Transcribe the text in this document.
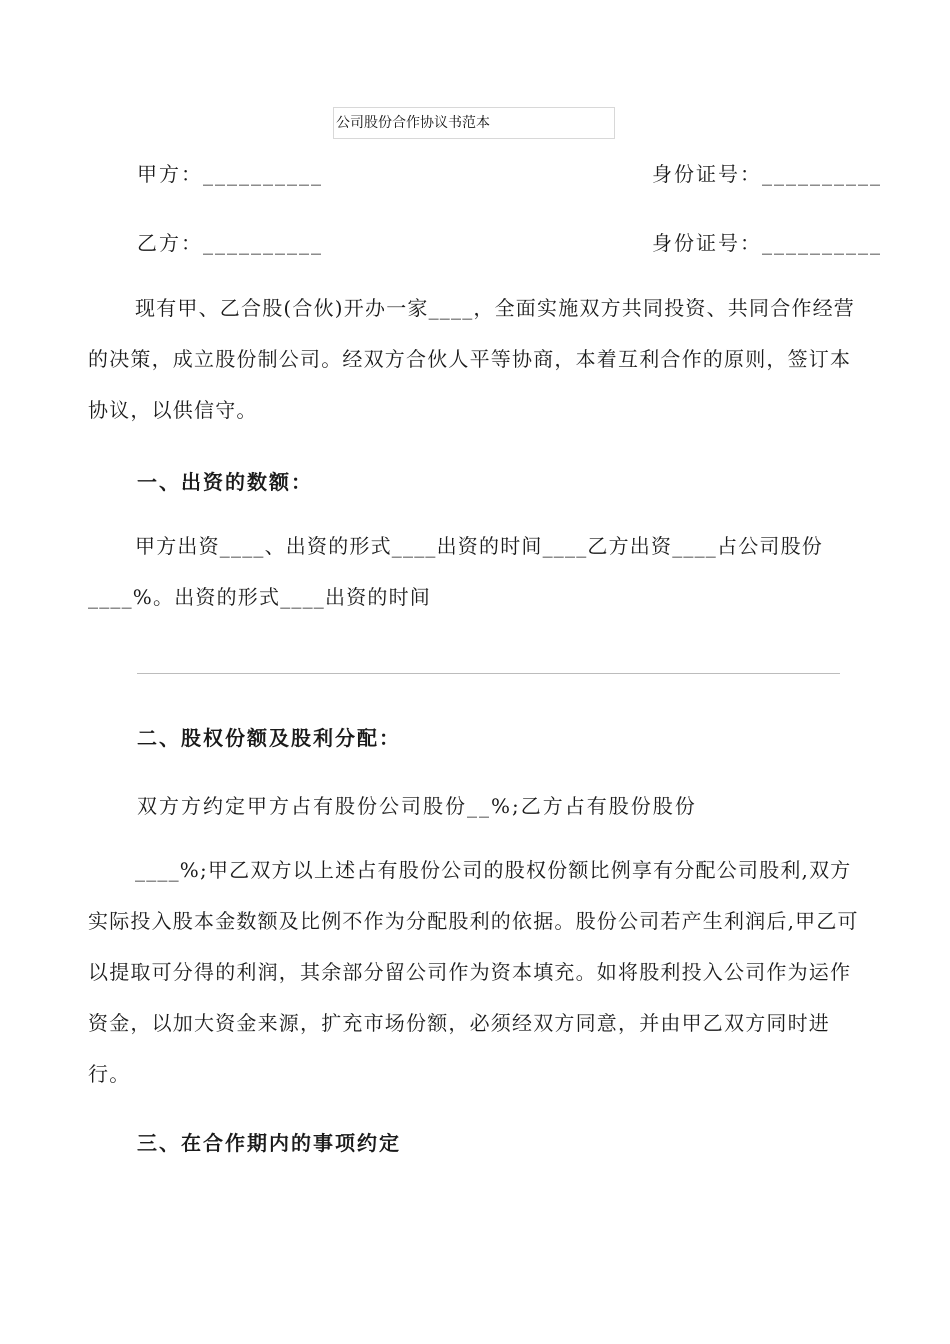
公司股份合作协议书范本
甲方：__________	身份证号：__________
乙方：__________	身份证号：__________
现有甲、乙合股(合伙)开办一家____，全面实施双方共同投资、共同合作经营的决策，成立股份制公司。经双方合伙人平等协商，本着互利合作的原则，签订本协议，以供信守。
一、出资的数额：
甲方出资____、出资的形式____出资的时间____乙方出资____占公司股份____%。出资的形式____出资的时间
二、股权份额及股利分配：
双方方约定甲方占有股份公司股份__%;乙方占有股份股份
____%;甲乙双方以上述占有股份公司的股权份额比例享有分配公司股利,双方实际投入股本金数额及比例不作为分配股利的依据。股份公司若产生利润后,甲乙可以提取可分得的利润，其余部分留公司作为资本填充。如将股利投入公司作为运作资金，以加大资金来源，扩充市场份额，必须经双方同意，并由甲乙双方同时进行。
三、在合作期内的事项约定
